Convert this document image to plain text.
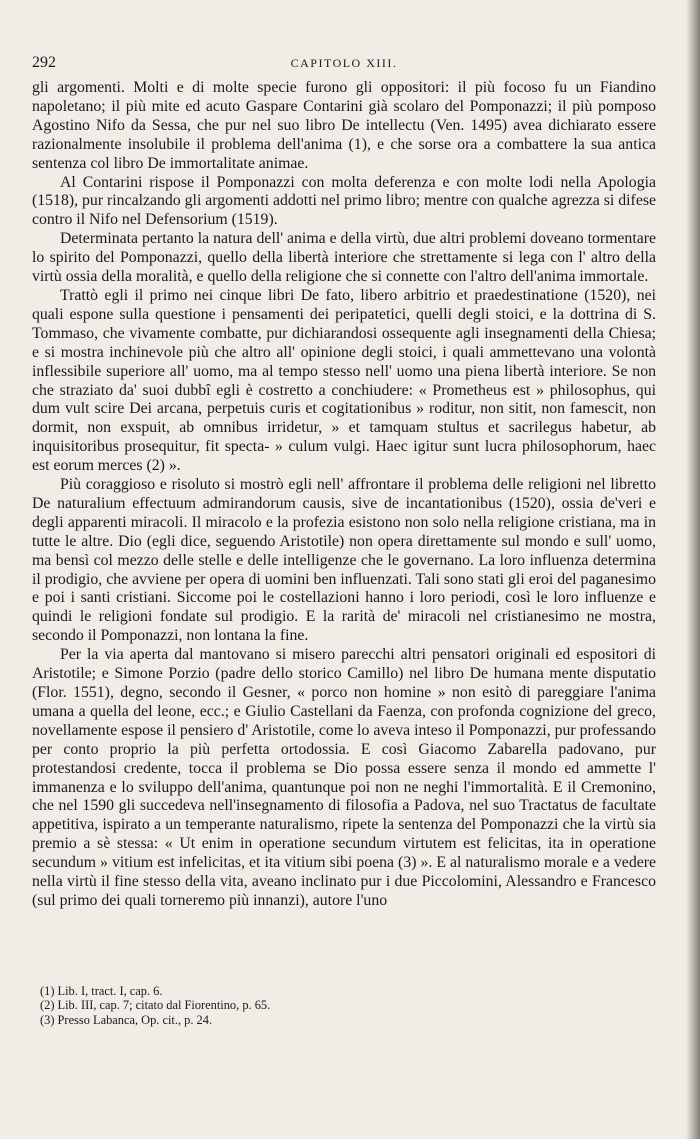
292	CAPITOLO XIII.

gli argomenti. Molti e di molte specie furono gli oppositori: il più focoso fu un Fiandino napoletano; il più mite ed acuto Gaspare Contarini già scolaro del Pomponazzi; il più pomposo Agostino Nifo da Sessa, che pur nel suo libro De intellectu (Ven. 1495) avea dichiarato essere razionalmente insolubile il problema dell'anima (1), e che sorse ora a combattere la sua antica sentenza col libro De immortalitate animae.

Al Contarini rispose il Pomponazzi con molta deferenza e con molte lodi nella Apologia (1518), pur rincalzando gli argomenti addotti nel primo libro; mentre con qualche agrezza si difese contro il Nifo nel Defensorium (1519).

Determinata pertanto la natura dell' anima e della virtù, due altri problemi doveano tormentare lo spirito del Pomponazzi, quello della libertà interiore che strettamente si lega con l' altro della virtù ossia della moralità, e quello della religione che si connette con l'altro dell'anima immortale.

Trattò egli il primo nei cinque libri De fato, libero arbitrio et praedestinatione (1520), nei quali espone sulla questione i pensamenti dei peripatetici, quelli degli stoici, e la dottrina di S. Tommaso, che vivamente combatte, pur dichiarandosi ossequente agli insegnamenti della Chiesa; e si mostra inchinevole più che altro all' opinione degli stoici, i quali ammettevano una volontà inflessibile superiore all' uomo, ma al tempo stesso nell' uomo una piena libertà interiore. Se non che straziato da' suoi dubbî egli è costretto a conchiudere: « Prometheus est » philosophus, qui dum vult scire Dei arcana, perpetuis curis et cogitationibus » roditur, non sitit, non famescit, non dormit, non exspuit, ab omnibus irridetur, » et tamquam stultus et sacrilegus habetur, ab inquisitoribus prosequitur, fit specta- » culum vulgi. Haec igitur sunt lucra philosophorum, haec est eorum merces (2) ».

Più coraggioso e risoluto si mostrò egli nell' affrontare il problema delle religioni nel libretto De naturalium effectuum admirandorum causis, sive de incantationibus (1520), ossia de'veri e degli apparenti miracoli. Il miracolo e la profezia esistono non solo nella religione cristiana, ma in tutte le altre. Dio (egli dice, seguendo Aristotile) non opera direttamente sul mondo e sull' uomo, ma bensì col mezzo delle stelle e delle intelligenze che le governano. La loro influenza determina il prodigio, che avviene per opera di uomini ben influenzati. Tali sono stati gli eroi del paganesimo e poi i santi cristiani. Siccome poi le costellazioni hanno i loro periodi, così le loro influenze e quindi le religioni fondate sul prodigio. E la rarità de' miracoli nel cristianesimo ne mostra, secondo il Pomponazzi, non lontana la fine.

Per la via aperta dal mantovano si misero parecchi altri pensatori originali ed espositori di Aristotile; e Simone Porzio (padre dello storico Camillo) nel libro De humana mente disputatio (Flor. 1551), degno, secondo il Gesner, « porco non homine » non esitò di pareggiare l'anima umana a quella del leone, ecc.; e Giulio Castellani da Faenza, con profonda cognizione del greco, novellamente espose il pensiero d' Aristotile, come lo aveva inteso il Pomponazzi, pur professando per conto proprio la più perfetta ortodossia. E così Giacomo Zabarella padovano, pur protestandosi credente, tocca il problema se Dio possa essere senza il mondo ed ammette l' immanenza e lo sviluppo dell'anima, quantunque poi non ne neghi l'immortalità. E il Cremonino, che nel 1590 gli succedeva nell'insegnamento di filosofia a Padova, nel suo Tractatus de facultate appetitiva, ispirato a un temperante naturalismo, ripete la sentenza del Pomponazzi che la virtù sia premio a sè stessa: « Ut enim in operatione secundum virtutem est felicitas, ita in operatione secundum » vitium est infelicitas, et ita vitium sibi poena (3) ». E al naturalismo morale e a vedere nella virtù il fine stesso della vita, aveano inclinato pur i due Piccolomini, Alessandro e Francesco (sul primo dei quali torneremo più innanzi), autore l'uno

(1) Lib. I, tract. I, cap. 6.
(2) Lib. III, cap. 7; citato dal Fiorentino, p. 65.
(3) Presso Labanca, Op. cit., p. 24.
